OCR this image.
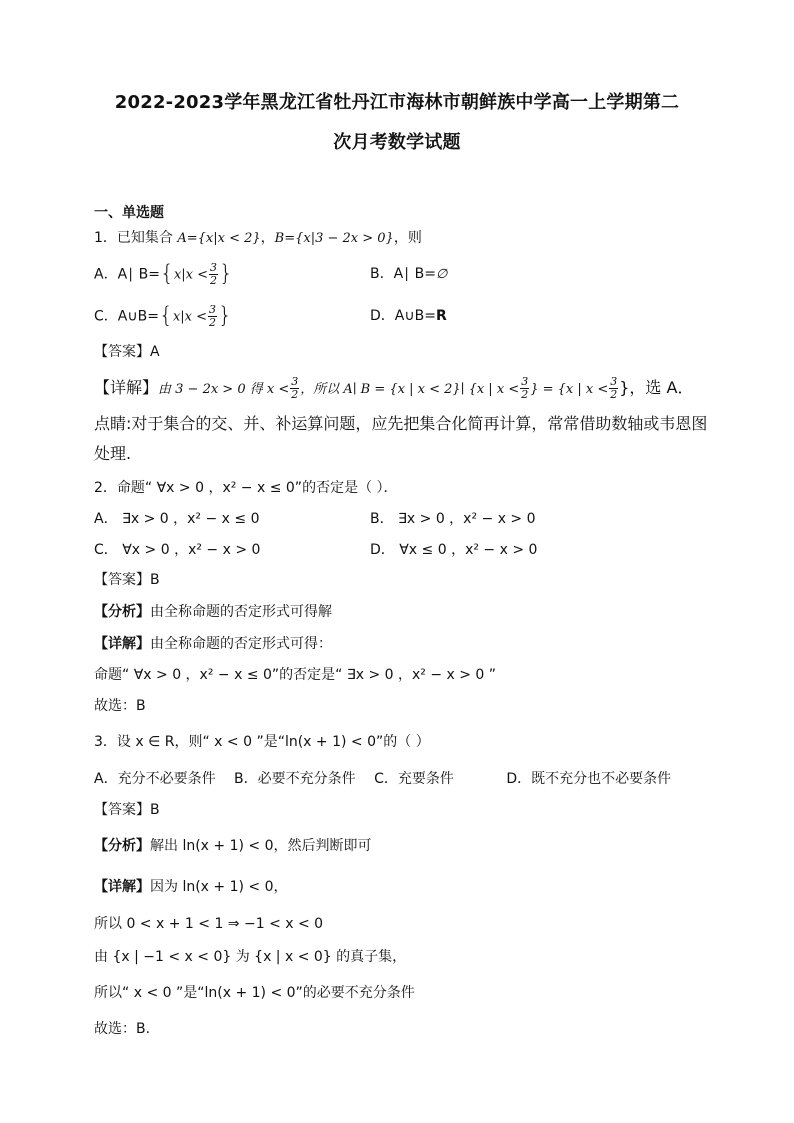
2022-2023学年黑龙江省牡丹江市海林市朝鲜族中学高一上学期第二
次月考数学试题
一、单选题
1．已知集合 A={x|x < 2}，B={x|3 − 2x > 0}，则
A．A∣ $B=\{x|x < \frac{3}{2}$ }	B．A∣ B=∅
C．A∪B={x|x < $\frac{3}{2}$ }	D．A∪B=R
【答案】A
【详解】由 3 − 2x > 0 得 $x < \frac{3}{2}$ ，所以 A∣ B = {x | x < 2}∣ {x | $x < \frac{3}{2}$ } = {x | $x < \frac{3}{2}$ }，选 A．
点睛:对于集合的交、并、补运算问题，应先把集合化简再计算，常常借助数轴或韦恩图
处理.
2．命题“ ∀x > 0 ，x² − x ≤ 0”的否定是（ ）．
A． ∃x > 0 ，x² − x ≤ 0	B． ∃x > 0 ，x² − x > 0
C． ∀x > 0 ，x² − x > 0	D． ∀x ≤ 0 ，x² − x > 0
【答案】B
【分析】由全称命题的否定形式可得解
【详解】由全称命题的否定形式可得：
命题“ ∀x > 0 ，x² − x ≤ 0”的否定是“ ∃x > 0 ，x² − x > 0 ”
故选：B
3．设 x ∈ R，则“ x < 0 ”是“ln(x + 1) < 0”的（ ）
A．充分不必要条件 B．必要不充分条件 C．充要条件	D．既不充分也不必要条件
【答案】B
【分析】解出 ln(x + 1) < 0，然后判断即可
【详解】因为 ln(x + 1) < 0，
所以 0 < x + 1 < 1 ⇒ −1 < x < 0
由 {x | −1 < x < 0} 为 {x | x < 0} 的真子集，
所以“ x < 0 ”是“ln(x + 1) < 0”的必要不充分条件
故选：B.
